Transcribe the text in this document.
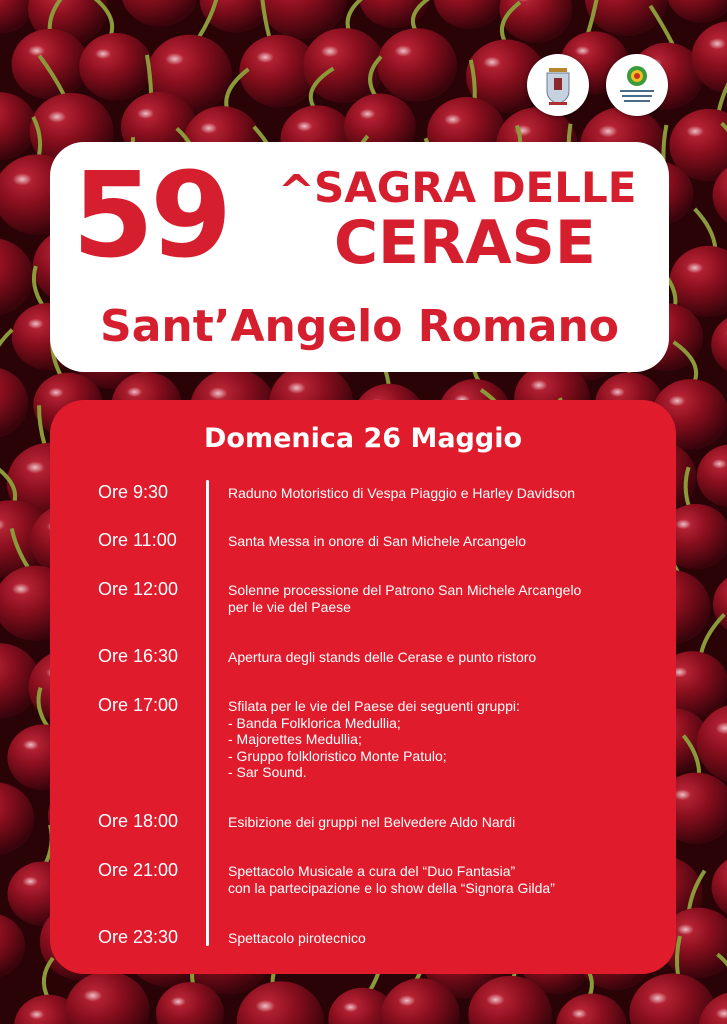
59 ^ SAGRA DELLE
CERASE
Sant’Angelo Romano
Domenica 26 Maggio
Ore 9:30	Raduno Motoristico di Vespa Piaggio e Harley Davidson
Ore 11:00	Santa Messa in onore di San Michele Arcangelo
Ore 12:00	Solenne processione del Patrono San Michele Arcangelo
per le vie del Paese
Ore 16:30	Apertura degli stands delle Cerase e punto ristoro
Ore 17:00	Sfilata per le vie del Paese dei seguenti gruppi:
- Banda Folklorica Medullia;
- Majorettes Medullia;
- Gruppo folkloristico Monte Patulo;
- Sar Sound.
Ore 18:00	Esibizione dei gruppi nel Belvedere Aldo Nardi
Ore 21:00	Spettacolo Musicale a cura del “Duo Fantasia”
con la partecipazione e lo show della “Signora Gilda”
Ore 23:30	Spettacolo pirotecnico
